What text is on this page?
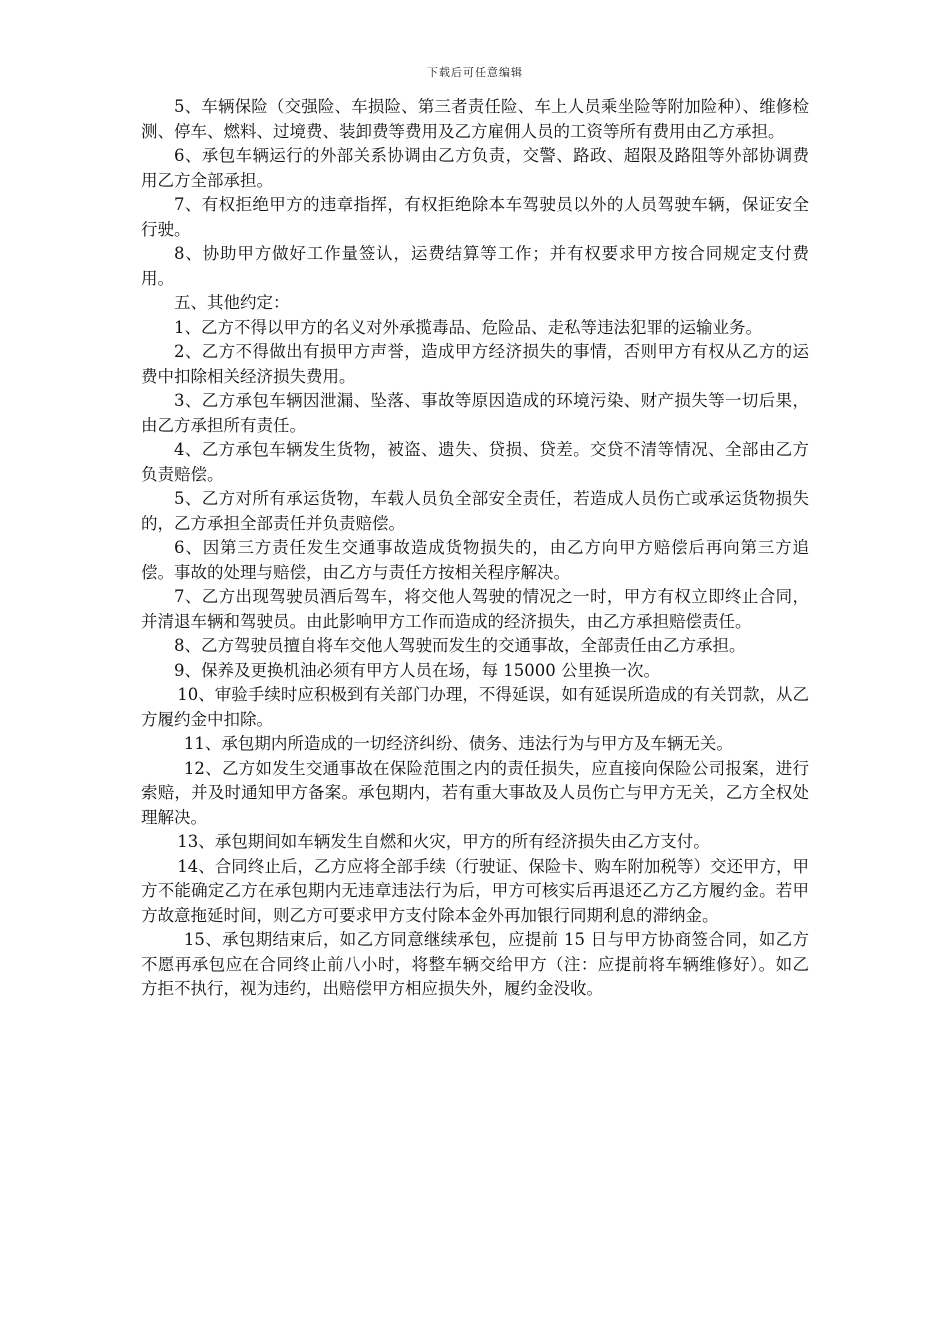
下载后可任意编辑

5、车辆保险（交强险、车损险、第三者责任险、车上人员乘坐险等附加险种）、维修检测、停车、燃料、过境费、装卸费等费用及乙方雇佣人员的工资等所有费用由乙方承担。

6、承包车辆运行的外部关系协调由乙方负责，交警、路政、超限及路阻等外部协调费用乙方全部承担。

7、有权拒绝甲方的违章指挥，有权拒绝除本车驾驶员以外的人员驾驶车辆，保证安全行驶。

8、协助甲方做好工作量签认，运费结算等工作；并有权要求甲方按合同规定支付费用。

五、其他约定：

1、乙方不得以甲方的名义对外承揽毒品、危险品、走私等违法犯罪的运输业务。

2、乙方不得做出有损甲方声誉，造成甲方经济损失的事情，否则甲方有权从乙方的运费中扣除相关经济损失费用。

3、乙方承包车辆因泄漏、坠落、事故等原因造成的环境污染、财产损失等一切后果，由乙方承担所有责任。

4、乙方承包车辆发生货物，被盗、遗失、贷损、贷差。交贷不清等情况、全部由乙方负责赔偿。

5、乙方对所有承运货物，车载人员负全部安全责任，若造成人员伤亡或承运货物损失的，乙方承担全部责任并负责赔偿。

6、因第三方责任发生交通事故造成货物损失的，由乙方向甲方赔偿后再向第三方追偿。事故的处理与赔偿，由乙方与责任方按相关程序解决。

7、乙方出现驾驶员酒后驾车，将交他人驾驶的情况之一时，甲方有权立即终止合同，并清退车辆和驾驶员。由此影响甲方工作而造成的经济损失，由乙方承担赔偿责任。

8、乙方驾驶员擅自将车交他人驾驶而发生的交通事故，全部责任由乙方承担。

9、保养及更换机油必须有甲方人员在场，每 15000 公里换一次。

10、审验手续时应积极到有关部门办理，不得延误，如有延误所造成的有关罚款，从乙方履约金中扣除。

11、承包期内所造成的一切经济纠纷、债务、违法行为与甲方及车辆无关。

12、乙方如发生交通事故在保险范围之内的责任损失，应直接向保险公司报案，进行索赔，并及时通知甲方备案。承包期内，若有重大事故及人员伤亡与甲方无关，乙方全权处理解决。

13、承包期间如车辆发生自燃和火灾，甲方的所有经济损失由乙方支付。

14、合同终止后，乙方应将全部手续（行驶证、保险卡、购车附加税等）交还甲方，甲方不能确定乙方在承包期内无违章违法行为后，甲方可核实后再退还乙方乙方履约金。若甲方故意拖延时间，则乙方可要求甲方支付除本金外再加银行同期利息的滞纳金。

15、承包期结束后，如乙方同意继续承包，应提前 15 日与甲方协商签合同，如乙方不愿再承包应在合同终止前八小时，将整车辆交给甲方（注：应提前将车辆维修好）。如乙方拒不执行，视为违约，出赔偿甲方相应损失外，履约金没收。
